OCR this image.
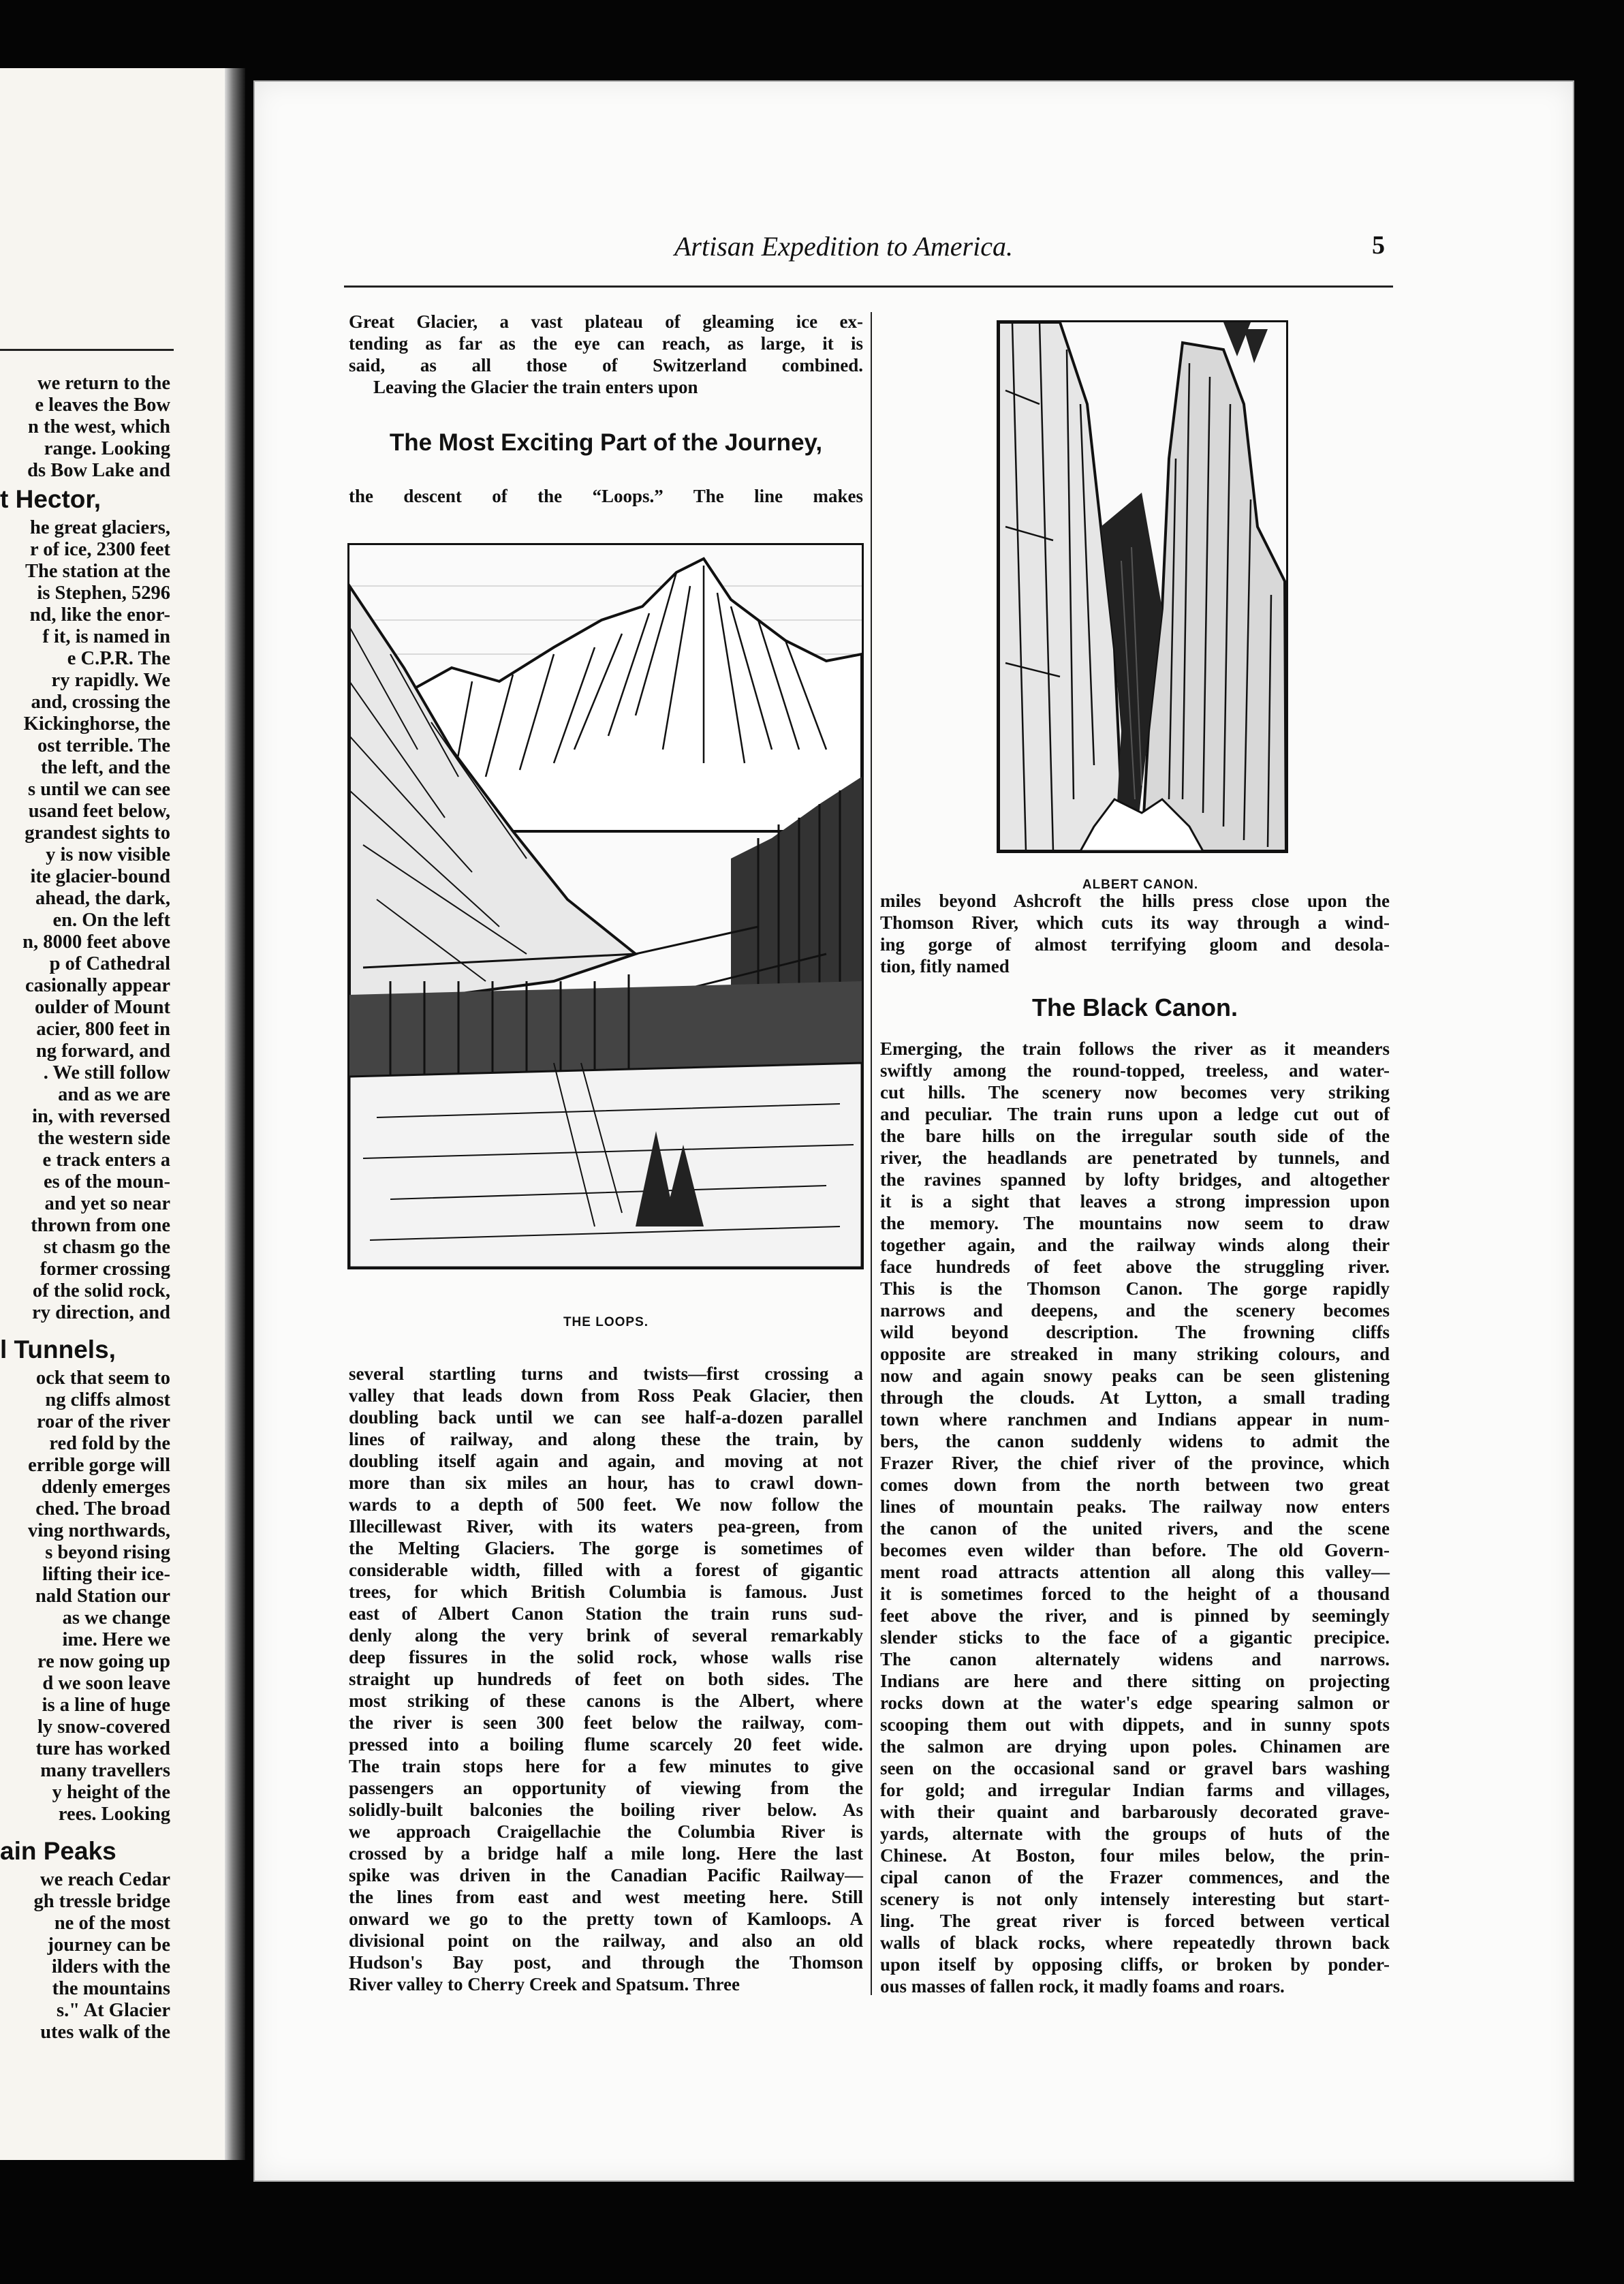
we return to the
e leaves the Bow
n the west, which
range. Looking
ds Bow Lake and
t Hector,
he great glaciers,
r of ice, 2300 feet
The station at the
is Stephen, 5296
nd, like the enor-
f it, is named in
e C.P.R. The
ry rapidly. We
and, crossing the
Kickinghorse, the
ost terrible. The
the left, and the
s until we can see
usand feet below,
grandest sights to
y is now visible
ite glacier-bound
ahead, the dark,
en. On the left
n, 8000 feet above
p of Cathedral
casionally appear
oulder of Mount
acier, 800 feet in
ng forward, and
. We still follow
and as we are
in, with reversed
the western side
e track enters a
es of the moun-
and yet so near
thrown from one
st chasm go the
former crossing
of the solid rock,
ry direction, and
l Tunnels,
ock that seem to
ng cliffs almost
roar of the river
red fold by the
errible gorge will
ddenly emerges
ched. The broad
ving northwards,
s beyond rising
lifting their ice-
nald Station our
as we change
ime. Here we
re now going up
d we soon leave
is a line of huge
ly snow-covered
ture has worked
many travellers
y height of the
rees. Looking
ain Peaks
we reach Cedar
gh tressle bridge
ne of the most
journey can be
ilders with the
the mountains
s." At Glacier
utes walk of the
Artisan Expedition to America.	5
Great Glacier, a vast plateau of gleaming ice ex-
tending as far as the eye can reach, as large, it is
said, as all those of Switzerland combined.
Leaving the Glacier the train enters upon
The Most Exciting Part of the Journey,
the descent of the “Loops.” The line makes
THE LOOPS.
several startling turns and twists—first crossing a
valley that leads down from Ross Peak Glacier, then
doubling back until we can see half-a-dozen parallel
lines of railway, and along these the train, by
doubling itself again and again, and moving at not
more than six miles an hour, has to crawl down-
wards to a depth of 500 feet. We now follow the
Illecillewast River, with its waters pea-green, from
the Melting Glaciers. The gorge is sometimes of
considerable width, filled with a forest of gigantic
trees, for which British Columbia is famous. Just
east of Albert Canon Station the train runs sud-
denly along the very brink of several remarkably
deep fissures in the solid rock, whose walls rise
straight up hundreds of feet on both sides. The
most striking of these canons is the Albert, where
the river is seen 300 feet below the railway, com-
pressed into a boiling flume scarcely 20 feet wide.
The train stops here for a few minutes to give
passengers an opportunity of viewing from the
solidly-built balconies the boiling river below. As
we approach Craigellachie the Columbia River is
crossed by a bridge half a mile long. Here the last
spike was driven in the Canadian Pacific Railway—
the lines from east and west meeting here. Still
onward we go to the pretty town of Kamloops. A
divisional point on the railway, and also an old
Hudson's Bay post, and through the Thomson
River valley to Cherry Creek and Spatsum. Three
ALBERT CANON.
miles beyond Ashcroft the hills press close upon the
Thomson River, which cuts its way through a wind-
ing gorge of almost terrifying gloom and desola-
tion, fitly named
The Black Canon.
Emerging, the train follows the river as it meanders
swiftly among the round-topped, treeless, and water-
cut hills. The scenery now becomes very striking
and peculiar. The train runs upon a ledge cut out of
the bare hills on the irregular south side of the
river, the headlands are penetrated by tunnels, and
the ravines spanned by lofty bridges, and altogether
it is a sight that leaves a strong impression upon
the memory. The mountains now seem to draw
together again, and the railway winds along their
face hundreds of feet above the struggling river.
This is the Thomson Canon. The gorge rapidly
narrows and deepens, and the scenery becomes
wild beyond description. The frowning cliffs
opposite are streaked in many striking colours, and
now and again snowy peaks can be seen glistening
through the clouds. At Lytton, a small trading
town where ranchmen and Indians appear in num-
bers, the canon suddenly widens to admit the
Frazer River, the chief river of the province, which
comes down from the north between two great
lines of mountain peaks. The railway now enters
the canon of the united rivers, and the scene
becomes even wilder than before. The old Govern-
ment road attracts attention all along this valley—
it is sometimes forced to the height of a thousand
feet above the river, and is pinned by seemingly
slender sticks to the face of a gigantic precipice.
The canon alternately widens and narrows.
Indians are here and there sitting on projecting
rocks down at the water's edge spearing salmon or
scooping them out with dippets, and in sunny spots
the salmon are drying upon poles. Chinamen are
seen on the occasional sand or gravel bars washing
for gold; and irregular Indian farms and villages,
with their quaint and barbarously decorated grave-
yards, alternate with the groups of huts of the
Chinese. At Boston, four miles below, the prin-
cipal canon of the Frazer commences, and the
scenery is not only intensely interesting but start-
ling. The great river is forced between vertical
walls of black rocks, where repeatedly thrown back
upon itself by opposing cliffs, or broken by ponder-
ous masses of fallen rock, it madly foams and roars.
